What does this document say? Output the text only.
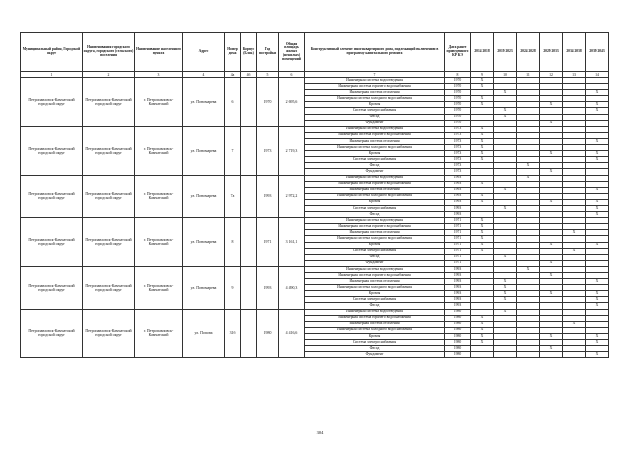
Муниципальный район, Городской округ	Наименования городского округа, городского (сельского) поселения	Наименование населенного пункта	Адрес	Номер дома	Корпус (Блок)	Год постройки	Общая площадь жилых (нежилых) помещений	Конструктивный элемент многоквартирного дома, подлежащий включению в программу капитального ремонта	Дата ранее проведенного КР КЭ	2014 2018	2019 2023	2024 2028	2029 2033	2034 2038	2039 2043
1	2	3	4	4а	4б	5	6	7	8	9	10	11	12	13	14
Петропавловск-Камчатский городской округ	Петропавловск-Камчатский городской округ	г. Петропавловск-Камчатский	ул. Пономарева	6		1970	2 695,6	Инженерная система водоотведения	1970	X					
								Инженерная система горячего водоснабжения	1970	X					
								Инженерная система отопления	1970		X				X
								Инженерная система холодного водоснабжения	1970	X					
								Кровля	1970	X			X		X
								Система электроснабжения	1970		X				X
								Фасад	1970		X				
								Фундамент	1970				X		
Петропавловск-Камчатский городской округ	Петропавловск-Камчатский городской округ	г. Петропавловск-Камчатский	ул. Пономарева	7		1973	2 719,3	Инженерная система водоотведения	1973	X					
								Инженерная система горячего водоснабжения	1973	X					
								Инженерная система отопления	1973	X					X
								Инженерная система холодного водоснабжения	1973	X					
								Кровля	1973	X			X		X
								Система электроснабжения	1973	X					X
								Фасад	1973			X			
								Фундамент	1973				X		
Петропавловск-Камчатский городской округ	Петропавловск-Камчатский городской округ	г. Петропавловск-Камчатский	ул. Пономарева	7а		1993	2 972,2	Инженерная система водоотведения	1993			X			
								Инженерная система горячего водоснабжения	1993	X					
								Инженерная система отопления	1993		X				X
								Инженерная система холодного водоснабжения	1993	X					
								Кровля	1993	X			X		X
								Система электроснабжения	1993		X				X
								Фасад	1993						X
Петропавловск-Камчатский городской округ	Петропавловск-Камчатский городской округ	г. Петропавловск-Камчатский	ул. Пономарева	8		1971	3 161,1	Инженерная система водоотведения	1971	X					
								Инженерная система горячего водоснабжения	1971	X					
								Инженерная система отопления	1971	X				X	
								Инженерная система холодного водоснабжения	1971	X					
								Кровля	1971	X			X		X
								Система электроснабжения	1971	X				X	
								Фасад	1971		X				
								Фундамент	1971				X		
Петропавловск-Камчатский городской округ	Петропавловск-Камчатский городской округ	г. Петропавловск-Камчатский	ул. Пономарева	9		1993	4 490,3	Инженерная система водоотведения	1993			X			
								Инженерная система горячего водоснабжения	1993				X		
								Инженерная система отопления	1993		X				X
								Инженерная система холодного водоснабжения	1993		X				
								Кровля	1993		X		X		X
								Система электроснабжения	1993		X				X
								Фасад	1993						X
Петропавловск-Камчатский городской округ	Петропавловск-Камчатский городской округ	г. Петропавловск-Камчатский	ул. Попова	31б		1980	4 416,6	Инженерная система водоотведения	1980		X				
								Инженерная система горячего водоснабжения	1980	X					
								Инженерная система отопления	1980	X				X	
								Инженерная система холодного водоснабжения	1980	X					
								Кровля	1980	X			X		X
								Система электроснабжения	1980	X					X
								Фасад	1980				X		
								Фундамент	1980						X
304
